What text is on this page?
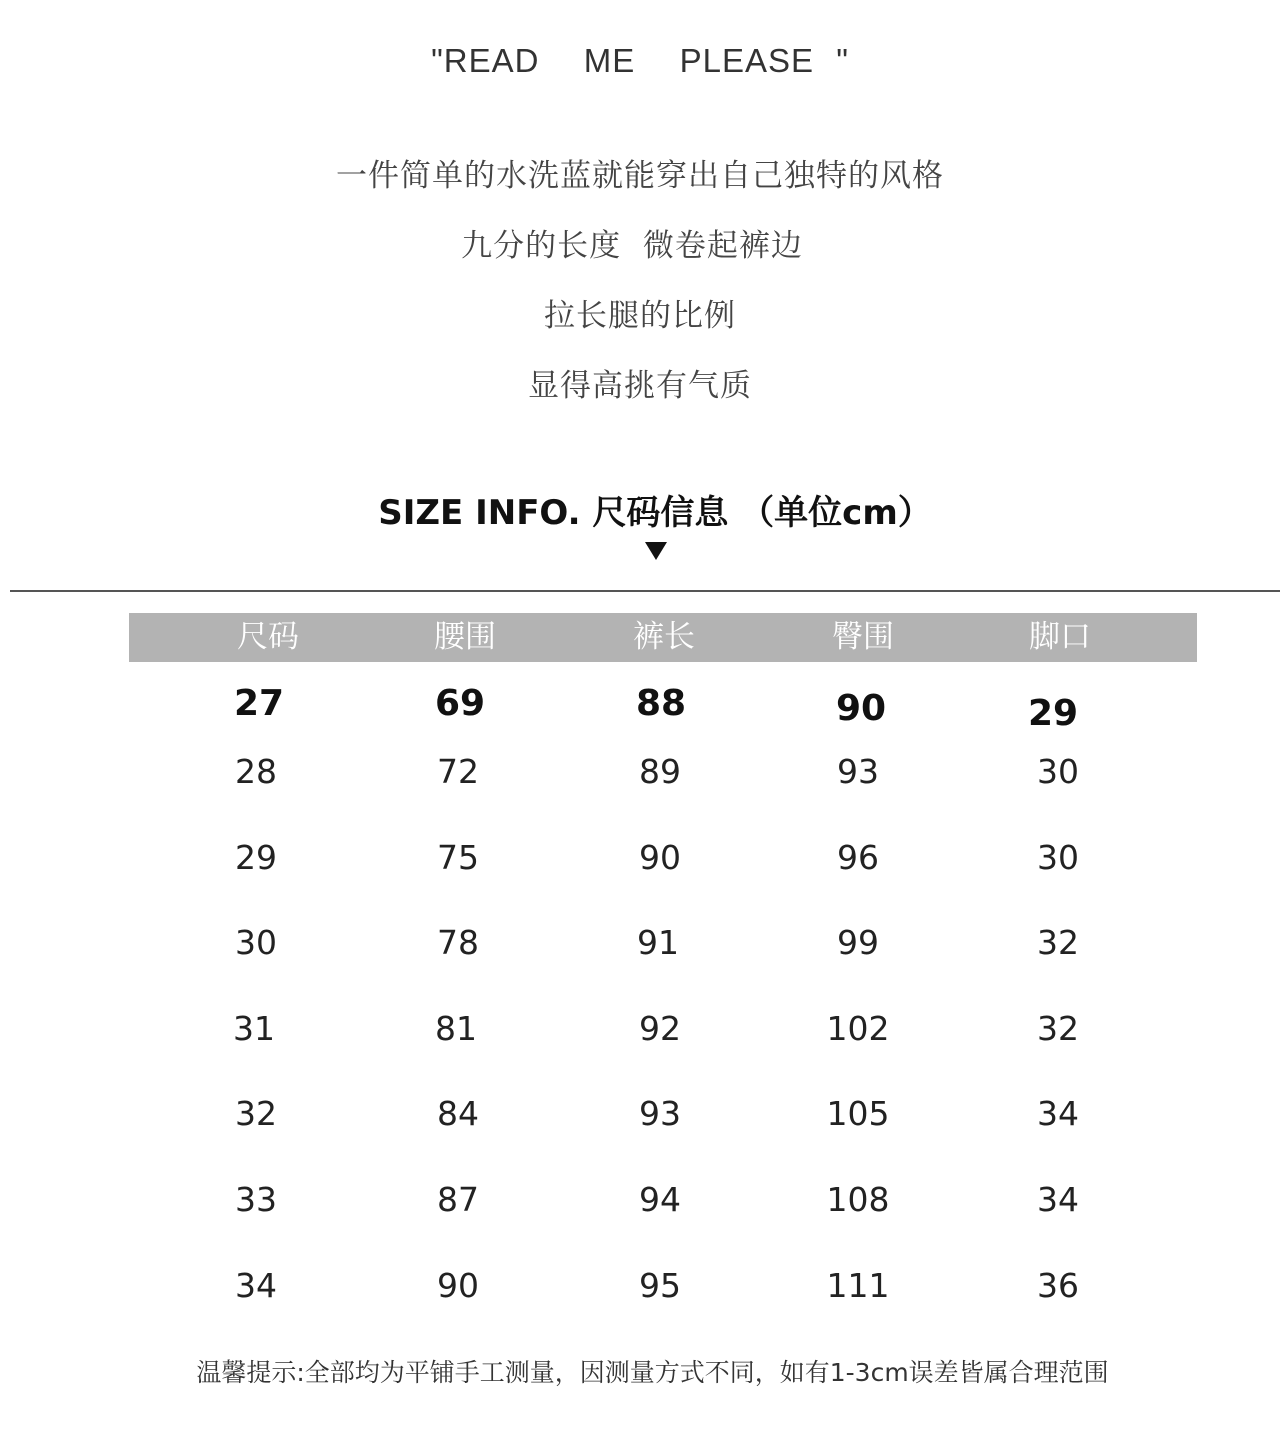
"READ  ME  PLEASE "
一件简单的水洗蓝就能穿出自己独特的风格
九分的长度  微卷起裤边
拉长腿的比例
显得高挑有气质
SIZE INFO. 尺码信息 （单位cm）
尺码	腰围	裤长	臀围	脚口
27	69	88	90	29
28	72	89	93	30
29	75	90	96	30
30	78	91	99	32
31	81	92	102	32
32	84	93	105	34
33	87	94	108	34
34	90	95	111	36
温馨提示:全部均为平铺手工测量，因测量方式不同，如有1-3cm误差皆属合理范围
